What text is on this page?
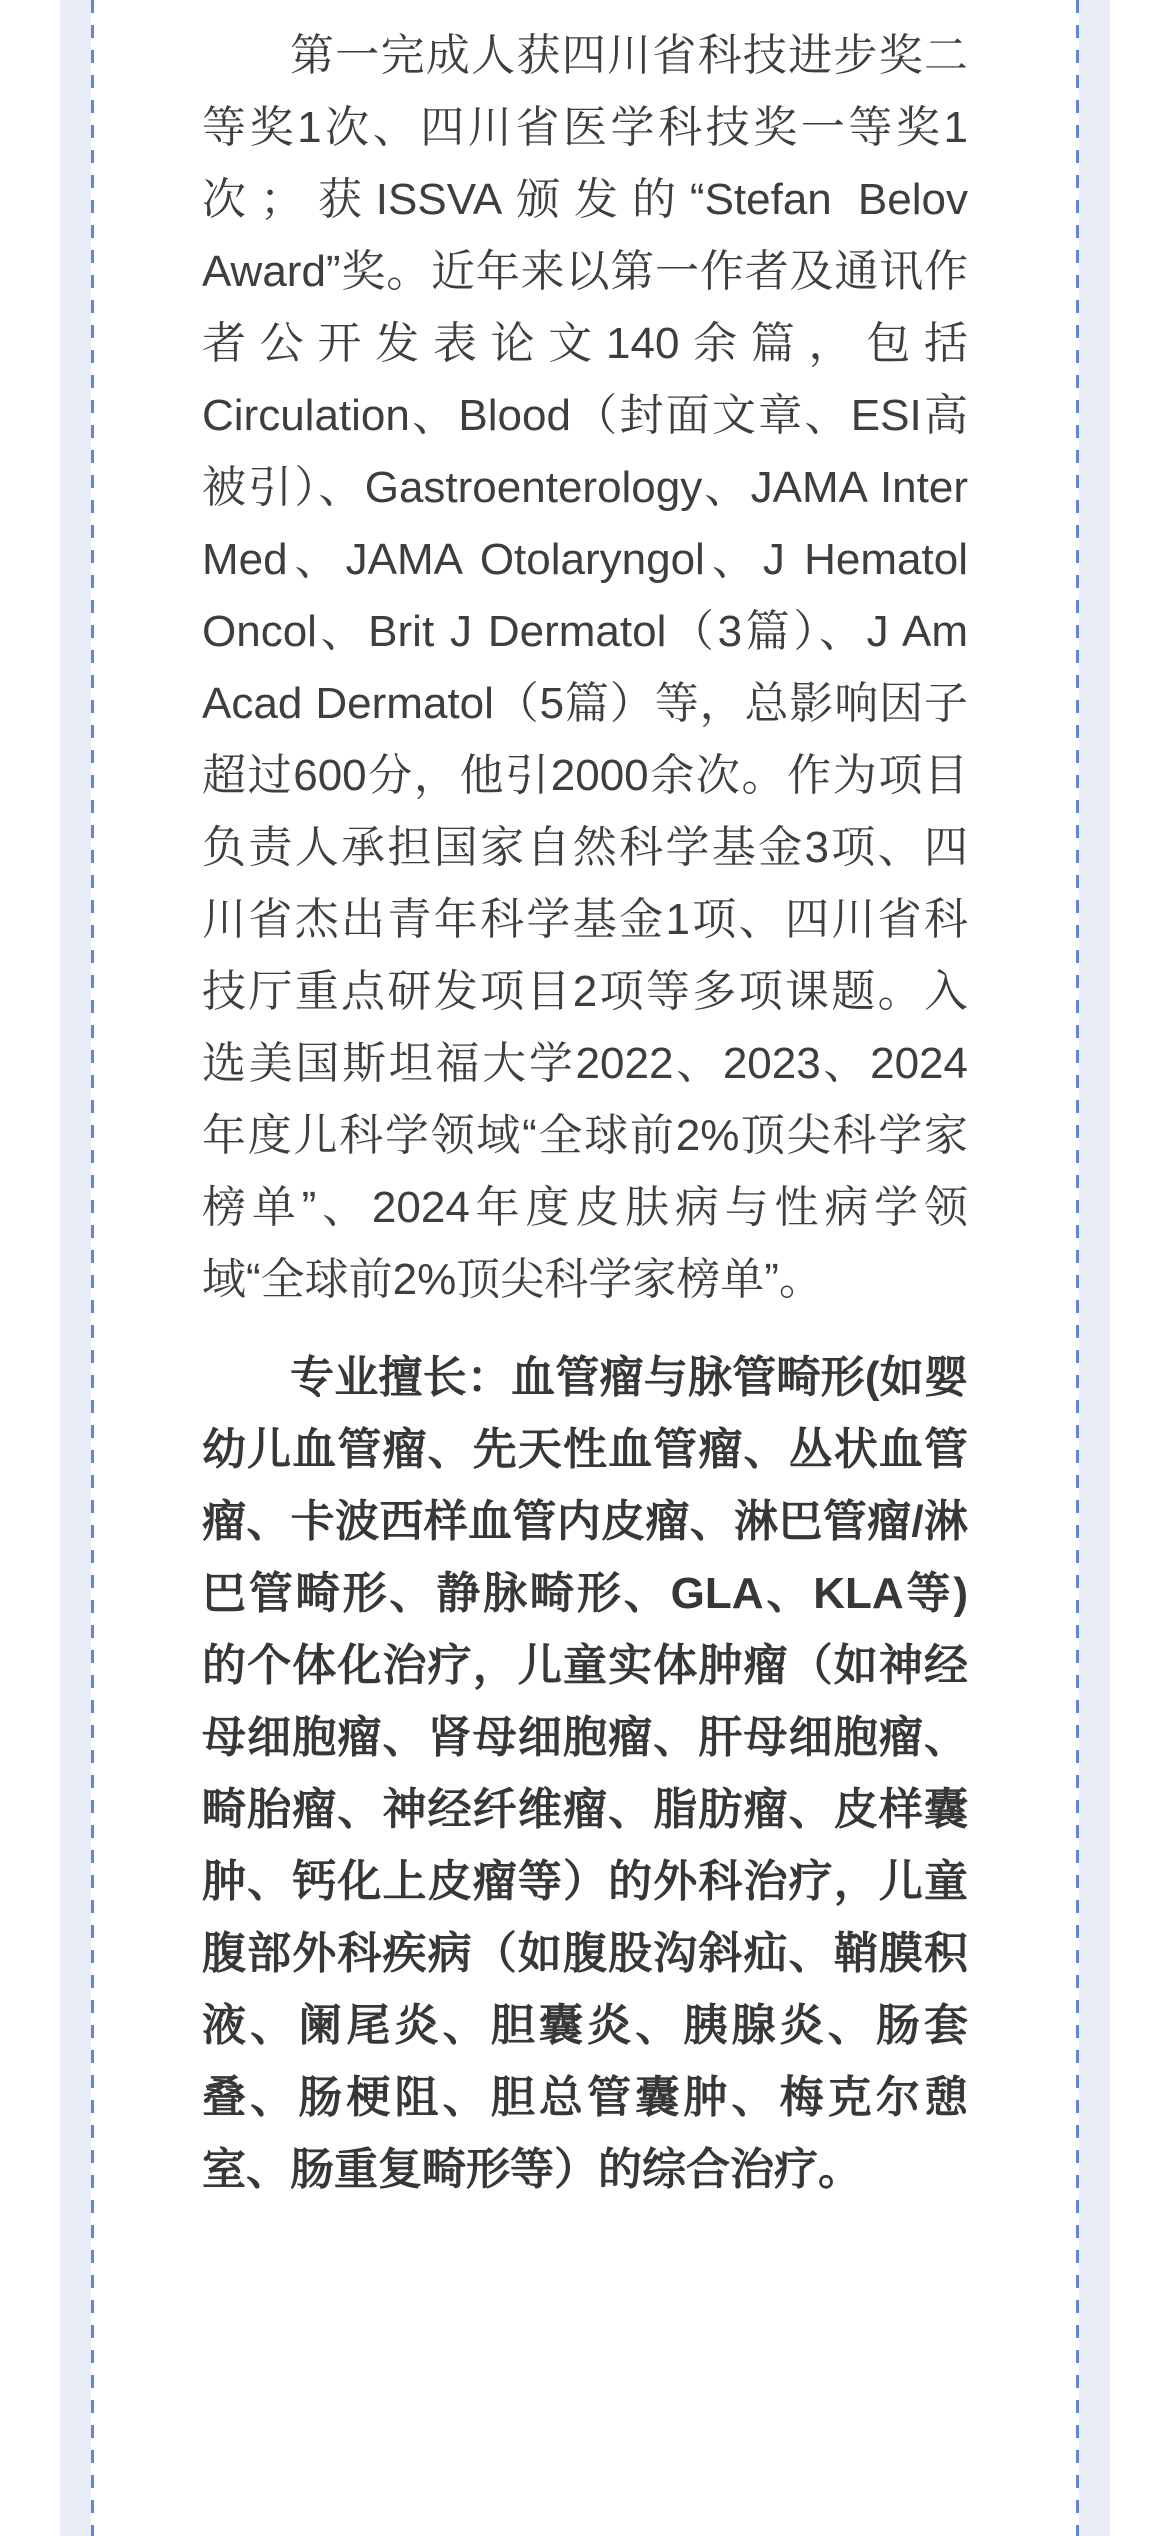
第一完成人获四川省科技进步奖二等奖1次、四川省医学科技奖一等奖1次；获ISSVA颁发的“Stefan Belov Award”奖。近年来以第一作者及通讯作者公开发表论文140余篇，包括Circulation、Blood（封面文章、ESI高被引）、Gastroenterology、JAMA Inter Med、JAMA Otolaryngol、J Hematol Oncol、Brit J Dermatol（3篇）、J Am Acad Dermatol（5篇）等，总影响因子超过600分，他引2000余次。作为项目负责人承担国家自然科学基金3项、四川省杰出青年科学基金1项、四川省科技厅重点研发项目2项等多项课题。入选美国斯坦福大学2022、2023、2024年度儿科学领域“全球前2%顶尖科学家榜单”、2024年度皮肤病与性病学领域“全球前2%顶尖科学家榜单”。

专业擅长：血管瘤与脉管畸形(如婴幼儿血管瘤、先天性血管瘤、丛状血管瘤、卡波西样血管内皮瘤、淋巴管瘤/淋巴管畸形、静脉畸形、GLA、KLA等)的个体化治疗，儿童实体肿瘤（如神经母细胞瘤、肾母细胞瘤、肝母细胞瘤、畸胎瘤、神经纤维瘤、脂肪瘤、皮样囊肿、钙化上皮瘤等）的外科治疗，儿童腹部外科疾病（如腹股沟斜疝、鞘膜积液、阑尾炎、胆囊炎、胰腺炎、肠套叠、肠梗阻、胆总管囊肿、梅克尔憩室、肠重复畸形等）的综合治疗。
